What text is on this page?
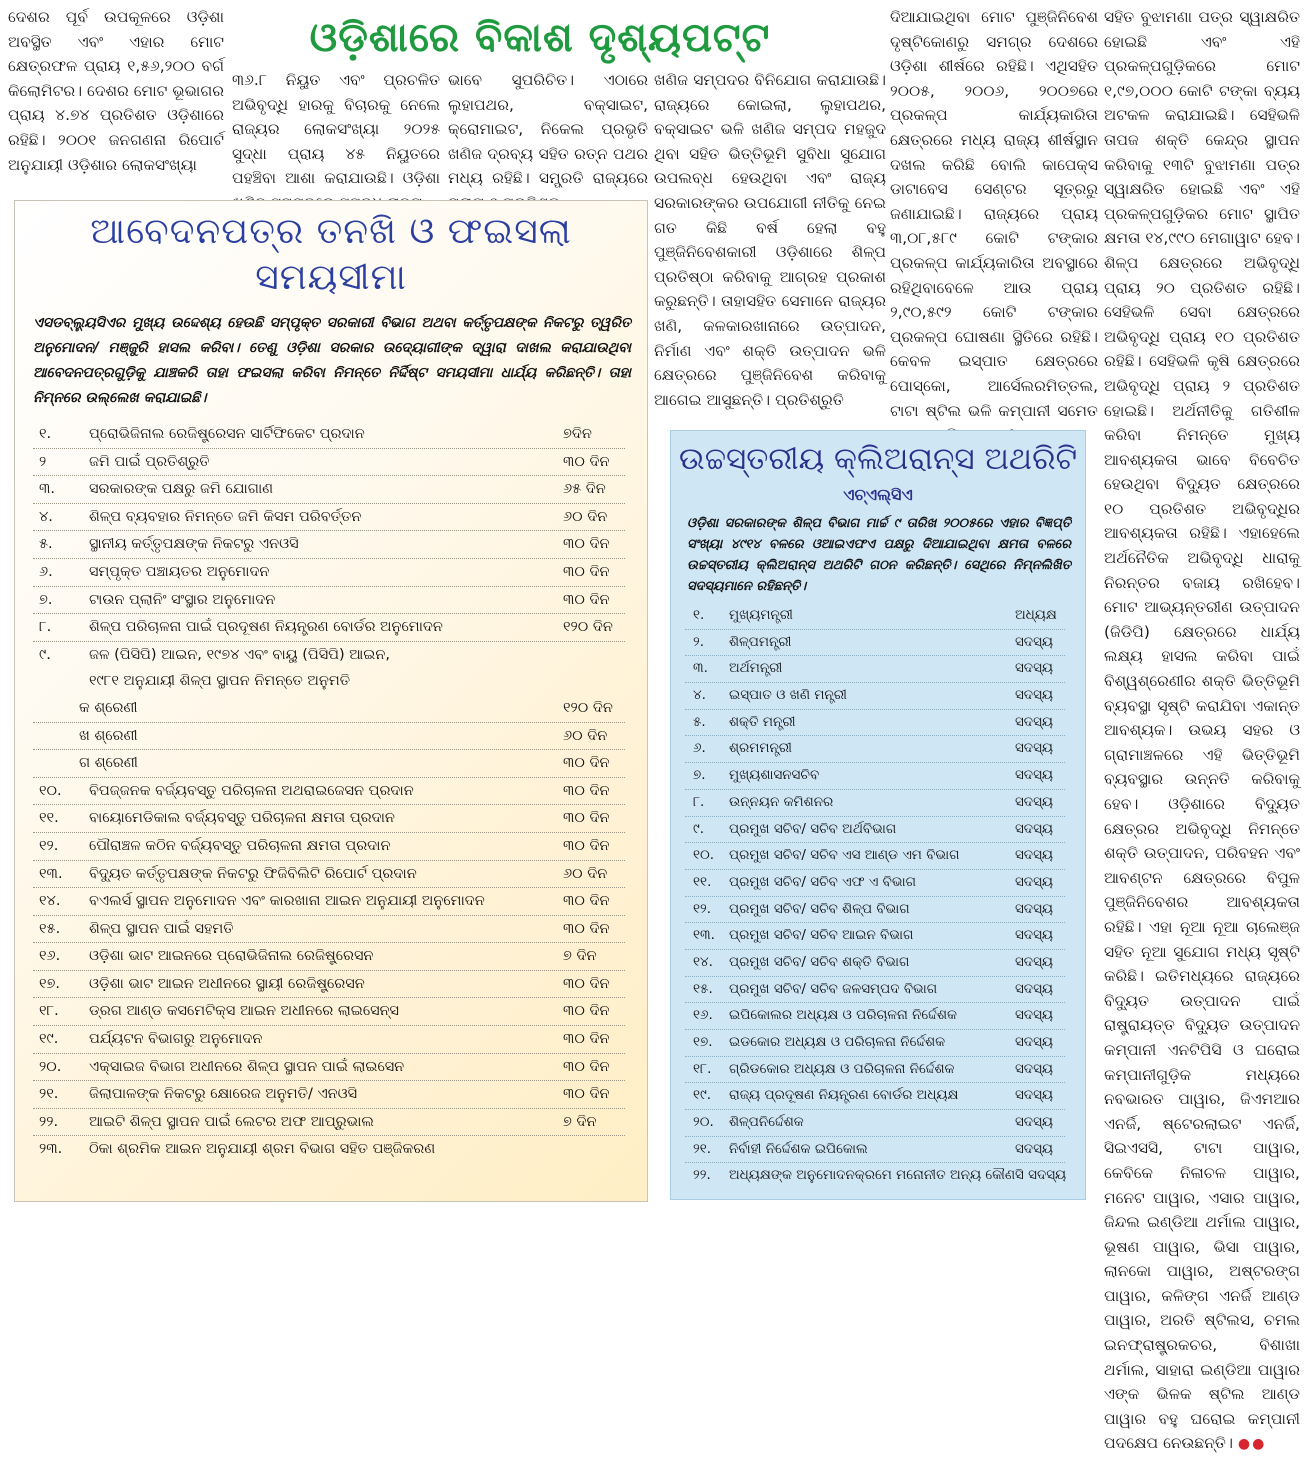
ଓଡ଼ିଶାରେ ବିକାଶ ଦୃଶ୍ୟପଟ୍ଟ
ଦେଶର ପୂର୍ବ ଉପକୂଳରେ ଓଡ଼ିଶା ଅବସ୍ଥିତ ଏବଂ ଏହାର ମୋଟ କ୍ଷେତ୍ରଫଳ ପ୍ରାୟ ୧,୫୬,୨୦୦ ବର୍ଗ କିଲୋମିଟର। ଦେଶର ମୋଟ ଭୂଭାଗର ପ୍ରାୟ ୪.୭୪ ପ୍ରତିଶତ ଓଡ଼ିଶାରେ ରହିଛି। ୨୦୦୧ ଜନଗଣନା ରିପୋର୍ଟ ଅନୁଯାୟୀ ଓଡ଼ିଶାର ଲୋକସଂଖ୍ୟା
୩୬.୮ ନିୟୁତ ଏବଂ ପ୍ରଚଳିତ ଅଭିବୃଦ୍ଧି ହାରକୁ ବିଚାରକୁ ନେଲେ ରାଜ୍ୟର ଲୋକସଂଖ୍ୟା ୨୦୨୫ ସୁଦ୍ଧା ପ୍ରାୟ ୪୫ ନିୟୁତରେ ପହଞ୍ଚିବା ଆଶା କରାଯାଉଛି। ଓଡ଼ିଶା
ଭାବେ ସୁପରିଚିତ। ଏଠାରେ ଲୁହାପଥର, ବକ୍ସାଇଟ, କ୍ରୋମାଇଟ, ନିକେଲ ପ୍ରଭୃତି ଖଣିଜ ଦ୍ରବ୍ୟ ସହିତ ରତ୍ନ ପଥର ମଧ୍ୟ ରହିଛି। ସମ୍ପ୍ରତି ରାଜ୍ୟରେ
ଖଣିଜ ସମ୍ପଦର ବିନିଯୋଗ କରାଯାଉଛି। ରାଜ୍ୟରେ କୋଇଲା, ଲୁହାପଥର, ବକ୍ସାଇଟ ଭଳି ଖଣିଜ ସମ୍ପଦ ମହଜୁଦ ଥିବା ସହିତ ଭିତ୍ତିଭୂମି ସୁବିଧା ସୁଯୋଗ ଉପଲବ୍ଧ ହେଉଥିବା ଏବଂ ରାଜ୍ୟ ସରକାରଙ୍କର ଉପଯୋଗୀ ନୀତିକୁ ନେଇ ଗତ କିଛି ବର୍ଷ ହେଲା ବହୁ ପୁଞ୍ଜିନିବେଶକାରୀ ଓଡ଼ିଶାରେ ଶିଳ୍ପ ପ୍ରତିଷ୍ଠା କରିବାକୁ ଆଗ୍ରହ ପ୍ରକାଶ କରୁଛନ୍ତି। ତାହାସହିତ ସେମାନେ ରାଜ୍ୟର ଖଣି, କଳକାରଖାନାରେ ଉତ୍ପାଦନ, ନିର୍ମାଣ ଏବଂ ଶକ୍ତି ଉତ୍ପାଦନ ଭଳି କ୍ଷେତ୍ରରେ ପୁଞ୍ଜିନିବେଶ କରିବାକୁ ଆଗେଇ ଆସୁଛନ୍ତି। ପ୍ରତିଶ୍ରୁତି
ଦିଆଯାଇଥିବା ମୋଟ ପୁଞ୍ଜିନିବେଶ ଦୃଷ୍ଟିକୋଣରୁ ସମଗ୍ର ଦେଶରେ ଓଡ଼ିଶା ଶୀର୍ଷରେ ରହିଛି। ଏଥିସହିତ ୨୦୦୫, ୨୦୦୬, ୨୦୦୭ରେ ପ୍ରକଳ୍ପ କାର୍ଯ୍ୟକାରିତା କ୍ଷେତ୍ରରେ ମଧ୍ୟ ରାଜ୍ୟ ଶୀର୍ଷସ୍ଥାନ ଦଖଲ କରିଛି ବୋଲି କାପେକ୍ସ ଡାଟାବେସ ସେଣ୍ଟର ସୂତ୍ରରୁ ଜଣାଯାଇଛି। ରାଜ୍ୟରେ ପ୍ରାୟ ୩,୦୮,୫୮୯ କୋଟି ଟଙ୍କାର ପ୍ରକଳ୍ପ କାର୍ଯ୍ୟକାରିତା ଅବସ୍ଥାରେ ରହିଥିବାବେଳେ ଆଉ ପ୍ରାୟ ୨,୯୦,୫୯୨ କୋଟି ଟଙ୍କାର ପ୍ରକଳ୍ପ ଘୋଷଣା ସ୍ଥିତିରେ ରହିଛି। କେବଳ ଇସ୍ପାତ କ୍ଷେତ୍ରରେ ପୋସ୍କୋ, ଆର୍ସେଲରମିତ୍ତଲ, ଟାଟା ଷ୍ଟିଲ ଭଳି କମ୍ପାନୀ ସମେତ
ସହିତ ବୁଝାମଣା ପତ୍ର ସ୍ୱାକ୍ଷରିତ ହୋଇଛି ଏବଂ ଏହି ପ୍ରକଳ୍ପଗୁଡ଼ିକରେ ମୋଟ ୧,୯୭,୦୦୦ କୋଟି ଟଙ୍କା ବ୍ୟୟ ଅଟକଳ କରାଯାଇଛି। ସେହିଭଳି ତାପଜ ଶକ୍ତି କେନ୍ଦ୍ର ସ୍ଥାପନ କରିବାକୁ ୧୩ଟି ବୁଝାମଣା ପତ୍ର ସ୍ୱାକ୍ଷରିତ ହୋଇଛି ଏବଂ ଏହି ପ୍ରକଳ୍ପଗୁଡ଼ିକର ମୋଟ ସ୍ଥାପିତ କ୍ଷମତା ୧୪,୯୯୦ ମେଗାୱାଟ ହେବ। ଶିଳ୍ପ କ୍ଷେତ୍ରରେ ଅଭିବୃଦ୍ଧି ପ୍ରାୟ ୨୦ ପ୍ରତିଶତ ରହିଛି। ସେହିଭଳି ସେବା କ୍ଷେତ୍ରରେ ଅଭିବୃଦ୍ଧି ପ୍ରାୟ ୧୦ ପ୍ରତିଶତ ରହିଛି। ସେହିଭଳି କୃଷି କ୍ଷେତ୍ରରେ ଅଭିବୃଦ୍ଧି ପ୍ରାୟ ୨ ପ୍ରତିଶତ ହୋଇଛି। ଅର୍ଥନୀତିକୁ ଗତିଶୀଳ କରିବା ନିମନ୍ତେ ମୁଖ୍ୟ ଆବଶ୍ୟକତା ଭାବେ ବିବେଚିତ ହେଉଥିବା ବିଦ୍ୟୁତ କ୍ଷେତ୍ରରେ ୧୦ ପ୍ରତିଶତ ଅଭିବୃଦ୍ଧିର ଆବଶ୍ୟକତା ରହିଛି। ଏହାହେଲେ ଅର୍ଥନୈତିକ ଅଭିବୃଦ୍ଧି ଧାରାକୁ ନିରନ୍ତର ବଜାୟ ରଖିହେବ। ମୋଟ ଆଭ୍ୟନ୍ତରୀଣ ଉତ୍ପାଦନ (ଜିଡିପି) କ୍ଷେତ୍ରରେ ଧାର୍ଯ୍ୟ ଲକ୍ଷ୍ୟ ହାସଲ କରିବା ପାଇଁ ବିଶ୍ୱଶ୍ରେଣୀର ଶକ୍ତି ଭିତ୍ତିଭୂମି ବ୍ୟବସ୍ଥା ସୃଷ୍ଟି କରାଯିବା ଏକାନ୍ତ ଆବଶ୍ୟକ। ଉଭୟ ସହର ଓ ଗ୍ରାମାଞ୍ଚଳରେ ଏହି ଭିତ୍ତିଭୂମି ବ୍ୟବସ୍ଥାର ଉନ୍ନତି କରିବାକୁ ହେବ। ଓଡ଼ିଶାରେ ବିଦ୍ୟୁତ କ୍ଷେତ୍ରର ଅଭିବୃଦ୍ଧି ନିମନ୍ତେ ଶକ୍ତି ଉତ୍ପାଦନ, ପରିବହନ ଏବଂ ଆବଣ୍ଟନ କ୍ଷେତ୍ରରେ ବିପୁଳ ପୁଞ୍ଜିନିବେଶର ଆବଶ୍ୟକତା ରହିଛି। ଏହା ନୂଆ ନୂଆ ଚାଲେଞ୍ଜ ସହିତ ନୂଆ ସୁଯୋଗ ମଧ୍ୟ ସୃଷ୍ଟି କରିଛି। ଇତିମଧ୍ୟରେ ରାଜ୍ୟରେ ବିଦ୍ୟୁତ ଉତ୍ପାଦନ ପାଇଁ ରାଷ୍ଟ୍ରାୟତ୍ତ ବିଦ୍ୟୁତ ଉତ୍ପାଦନ କମ୍ପାନୀ ଏନଟିପିସି ଓ ଘରୋଇ କମ୍ପାନୀଗୁଡ଼ିକ ମଧ୍ୟରେ ନବଭାରତ ପାୱାର, ଜିଏମଆର ଏନର୍ଜି, ଷ୍ଟେରଲାଇଟ ଏନର୍ଜି, ସିଇଏସସି, ଟାଟା ପାୱାର, କେବିକେ ନିଳାଚଳ ପାୱାର, ମନେଟ ପାୱାର, ଏସାର ପାୱାର, ଜିନ୍ଦଲ ଇଣ୍ଡିଆ ଥର୍ମାଲ ପାୱାର, ଭୂଷଣ ପାୱାର, ଭିସା ପାୱାର, ଲାନକୋ ପାୱାର, ଅଷ୍ଟରଙ୍ଗ ପାୱାର, କଳିଙ୍ଗ ଏନର୍ଜି ଆଣ୍ଡ ପାୱାର, ଅରତି ଷ୍ଟିଲସ, ଚମଲ ଇନଫ୍ରାଷ୍ଟ୍ରକଚର, ବିଶାଖା ଥର୍ମାଲ, ସାହାରା ଇଣ୍ଡିଆ ପାୱାର ଏଙ୍କ ଭିଳକ ଷ୍ଟିଲ ଆଣ୍ଡ ପାୱାର ବହୁ ଘରୋଇ କମ୍ପାନୀ ପଦକ୍ଷେପ ନେଉଛନ୍ତି। ●●
ଆବେଦନପତ୍ର ତନଖି ଓ ଫଇସଲା ସମୟସୀମା

ଏସଡବ୍ଲ୍ୟୁସିଏର ମୁଖ୍ୟ ଉଦ୍ଦେଶ୍ୟ ହେଉଛି ସମ୍ପୃକ୍ତ ସରକାରୀ ବିଭାଗ ଅଥବା କର୍ତ୍ତୃପକ୍ଷଙ୍କ ନିକଟରୁ ତ୍ୱରିତ ଅନୁମୋଦନ/ ମଞ୍ଜୁରି ହାସଲ କରିବା। ତେଣୁ ଓଡ଼ିଶା ସରକାର ଉଦ୍ୟୋଗୀଙ୍କ ଦ୍ୱାରା ଦାଖଲ କରାଯାଉଥିବା ଆବେଦନପତ୍ରଗୁଡ଼ିକୁ ଯାଞ୍ଚକରି ତାହା ଫଇସଲା କରିବା ନିମନ୍ତେ ନିର୍ଦ୍ଦିଷ୍ଟ ସମୟସୀମା ଧାର୍ଯ୍ୟ କରିଛନ୍ତି। ତାହା ନିମ୍ନରେ ଉଲ୍ଲେଖ କରାଯାଇଛି।

୧.	ପ୍ରୋଭିଜିନାଲ ରେଜିଷ୍ଟ୍ରେସନ ସାର୍ଟିଫିକେଟ ପ୍ରଦାନ	୭ଦିନ
୨	ଜମି ପାଇଁ ପ୍ରତିଶ୍ରୁତି	୩୦ ଦିନ
୩.	ସରକାରଙ୍କ ପକ୍ଷରୁ ଜମି ଯୋଗାଣ	୬୫ ଦିନ
୪.	ଶିଳ୍ପ ବ୍ୟବହାର ନିମନ୍ତେ ଜମି କିସମ ପରିବର୍ତ୍ତନ	୬୦ ଦିନ
୫.	ସ୍ଥାନୀୟ କର୍ତ୍ତୃପକ୍ଷଙ୍କ ନିକଟରୁ ଏନଓସି	୩୦ ଦିନ
୬.	ସମ୍ପୃକ୍ତ ପଞ୍ଚାୟତର ଅନୁମୋଦନ	୩୦ ଦିନ
୭.	ଟାଉନ ପ୍ଲାନିଂ ସଂସ୍ଥାର ଅନୁମୋଦନ	୩୦ ଦିନ
୮.	ଶିଳ୍ପ ପରିଚାଳନା ପାଇଁ ପ୍ରଦୂଷଣ ନିୟନ୍ତ୍ରଣ ବୋର୍ଡର ଅନୁମୋଦନ	୧୨୦ ଦିନ
୯.	ଜଳ (ପିସିପି) ଆଇନ, ୧୯୭୪ ଏବଂ ବାୟୁ (ପିସିପି) ଆଇନ,
୧୯୮୧ ଅନୁଯାୟୀ ଶିଳ୍ପ ସ୍ଥାପନ ନିମନ୍ତେ ଅନୁମତି
କ ଶ୍ରେଣୀ	୧୨୦ ଦିନ
ଖ ଶ୍ରେଣୀ	୬୦ ଦିନ
ଗ ଶ୍ରେଣୀ	୩୦ ଦିନ
୧୦.	ବିପଜ୍ଜନକ ବର୍ଜ୍ୟବସ୍ତୁ ପରିଚାଳନା ଅଥରାଇଜେସନ ପ୍ରଦାନ	୩୦ ଦିନ
୧୧.	ବାୟୋମେଡିକାଲ ବର୍ଜ୍ୟବସ୍ତୁ ପରିଚାଳନା କ୍ଷମତା ପ୍ରଦାନ	୩୦ ଦିନ
୧୨.	ପୌରାଞ୍ଚଳ କଠିନ ବର୍ଜ୍ୟବସ୍ତୁ ପରିଚାଳନା କ୍ଷମତା ପ୍ରଦାନ	୩୦ ଦିନ
୧୩.	ବିଦ୍ୟୁତ କର୍ତ୍ତୃପକ୍ଷଙ୍କ ନିକଟରୁ ଫିଜିବିଲିଟି ରିପୋର୍ଟ ପ୍ରଦାନ	୬୦ ଦିନ
୧୪.	ବଏଲର୍ସ ସ୍ଥାପନ ଅନୁମୋଦନ ଏବଂ କାରଖାନା ଆଇନ ଅନୁଯାୟୀ ଅନୁମୋଦନ	୩୦ ଦିନ
୧୫.	ଶିଳ୍ପ ସ୍ଥାପନ ପାଇଁ ସହମତି	୩୦ ଦିନ
୧୬.	ଓଡ଼ିଶା ଭାଟ ଆଇନରେ ପ୍ରୋଭିଜିନାଲ ରେଜିଷ୍ଟ୍ରେସନ	୭ ଦିନ
୧୭.	ଓଡ଼ିଶା ଭାଟ ଆଇନ ଅଧୀନରେ ସ୍ଥାୟୀ ରେଜିଷ୍ଟ୍ରେସନ	୩୦ ଦିନ
୧୮.	ଡ୍ରଗ ଆଣ୍ଡ କସମେଟିକ୍ସ ଆଇନ ଅଧୀନରେ ଲାଇସେନ୍ସ	୩୦ ଦିନ
୧୯.	ପର୍ଯ୍ୟଟନ ବିଭାଗରୁ ଅନୁମୋଦନ	୩୦ ଦିନ
୨୦.	ଏକ୍ସାଇଜ ବିଭାଗ ଅଧୀନରେ ଶିଳ୍ପ ସ୍ଥାପନ ପାଇଁ ଲାଇସେନ	୩୦ ଦିନ
୨୧.	ଜିଲାପାଳଙ୍କ ନିକଟରୁ କ୍ଷୋରେଜ ଅନୁମତି/ ଏନଓସି	୩୦ ଦିନ
୨୨.	ଆଇଟି ଶିଳ୍ପ ସ୍ଥାପନ ପାଇଁ ଲେଟର ଅଫ ଆପ୍ରୁଭାଲ	୭ ଦିନ
୨୩.	ଠିକା ଶ୍ରମିକ ଆଇନ ଅନୁଯାୟୀ ଶ୍ରମ ବିଭାଗ ସହିତ ପଞ୍ଜିକରଣ
ଉଚ୍ଚସ୍ତରୀୟ କ୍ଲିଅରାନ୍ସ ଅଥରିଟି
ଏଚ୍‌ଏଲ୍‌ସିଏ

ଓଡ଼ିଶା ସରକାରଙ୍କ ଶିଳ୍ପ ବିଭାଗ ମାର୍ଚ୍ଚ ୯ ତାରିଖ ୨୦୦୫ରେ ଏହାର ବିଜ୍ଞପ୍ତି ସଂଖ୍ୟା ୪୯୧୪ ବଳରେ ଓଆଇଏଫଏ ପକ୍ଷରୁ ଦିଆଯାଇଥିବା କ୍ଷମତା ବଳରେ ଉଚ୍ଚସ୍ତରୀୟ କ୍ଲିଅରାନ୍ସ ଅଥରିଟି ଗଠନ କରିଛନ୍ତି। ସେଥିରେ ନିମ୍ନଲିଖିତ ସଦସ୍ୟମାନେ ରହିଛନ୍ତି।

୧.	ମୁଖ୍ୟମନ୍ତ୍ରୀ	ଅଧ୍ୟକ୍ଷ
୨.	ଶିଳ୍ପମନ୍ତ୍ରୀ	ସଦସ୍ୟ
୩.	ଅର୍ଥମନ୍ତ୍ରୀ	ସଦସ୍ୟ
୪.	ଇସ୍ପାତ ଓ ଖଣି ମନ୍ତ୍ରୀ	ସଦସ୍ୟ
୫.	ଶକ୍ତି ମନ୍ତ୍ରୀ	ସଦସ୍ୟ
୬.	ଶ୍ରମମନ୍ତ୍ରୀ	ସଦସ୍ୟ
୭.	ମୁଖ୍ୟଶାସନସଚିବ	ସଦସ୍ୟ
୮.	ଉନ୍ନୟନ କମିଶନର	ସଦସ୍ୟ
୯.	ପ୍ରମୁଖ ସଚିବ/ ସଚିବ ଅର୍ଥବିଭାଗ	ସଦସ୍ୟ
୧୦.	ପ୍ରମୁଖ ସଚିବ/ ସଚିବ ଏସ ଆଣ୍ଡ ଏମ ବିଭାଗ	ସଦସ୍ୟ
୧୧.	ପ୍ରମୁଖ ସଚିବ/ ସଚିବ ଏଫ ଏ ବିଭାଗ	ସଦସ୍ୟ
୧୨.	ପ୍ରମୁଖ ସଚିବ/ ସଚିବ ଶିଳ୍ପ ବିଭାଗ	ସଦସ୍ୟ
୧୩.	ପ୍ରମୁଖ ସଚିବ/ ସଚିବ ଆଇନ ବିଭାଗ	ସଦସ୍ୟ
୧୪.	ପ୍ରମୁଖ ସଚିବ/ ସଚିବ ଶକ୍ତି ବିଭାଗ	ସଦସ୍ୟ
୧୫.	ପ୍ରମୁଖ ସଚିବ/ ସଚିବ ଜଳସମ୍ପଦ ବିଭାଗ	ସଦସ୍ୟ
୧୬.	ଇପିକୋଲର ଅଧ୍ୟକ୍ଷ ଓ ପରିଚାଳନା ନିର୍ଦ୍ଦେଶକ	ସଦସ୍ୟ
୧୭.	ଇଡକୋର ଅଧ୍ୟକ୍ଷ ଓ ପରିଚାଳନା ନିର୍ଦ୍ଦେଶକ	ସଦସ୍ୟ
୧୮.	ଗ୍ରିଡକୋର ଅଧ୍ୟକ୍ଷ ଓ ପରିଚାଳନା ନିର୍ଦ୍ଦେଶକ	ସଦସ୍ୟ
୧୯.	ରାଜ୍ୟ ପ୍ରଦୂଷଣ ନିୟନ୍ତ୍ରଣ ବୋର୍ଡର ଅଧ୍ୟକ୍ଷ	ସଦସ୍ୟ
୨୦.	ଶିଳ୍ପନିର୍ଦ୍ଦେଶକ	ସଦସ୍ୟ
୨୧.	ନିର୍ବାହୀ ନିର୍ଦ୍ଦେଶକ ଇପିକୋଲ	ସଦସ୍ୟ
୨୨.	ଅଧ୍ୟକ୍ଷଙ୍କ ଅନୁମୋଦନକ୍ରମେ ମନୋନୀତ ଅନ୍ୟ କୌଣସି ସଦସ୍ୟ
